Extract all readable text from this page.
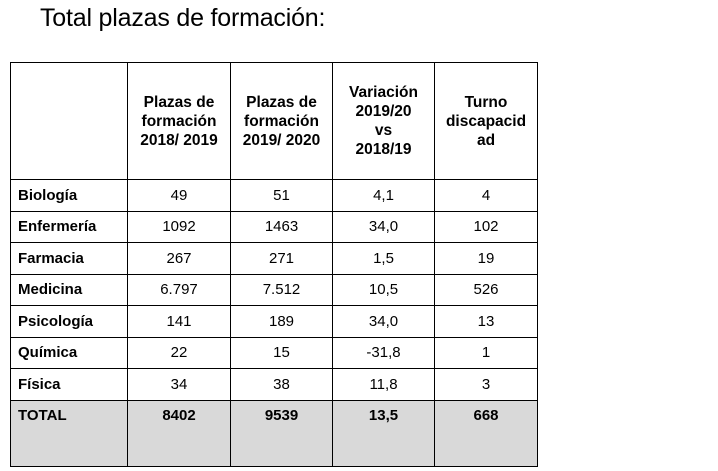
Total plazas de formación:

	Plazas de
formación
2018/ 2019	Plazas de
formación
2019/ 2020	Variación
2019/20
vs
2018/19	Turno
discapacid
ad

Biología	49	51	4,1	4
Enfermería	1092	1463	34,0	102
Farmacia	267	271	1,5	19
Medicina	6.797	7.512	10,5	526
Psicología	141	189	34,0	13
Química	22	15	-31,8	1
Física	34	38	11,8	3
TOTAL	8402	9539	13,5	668
